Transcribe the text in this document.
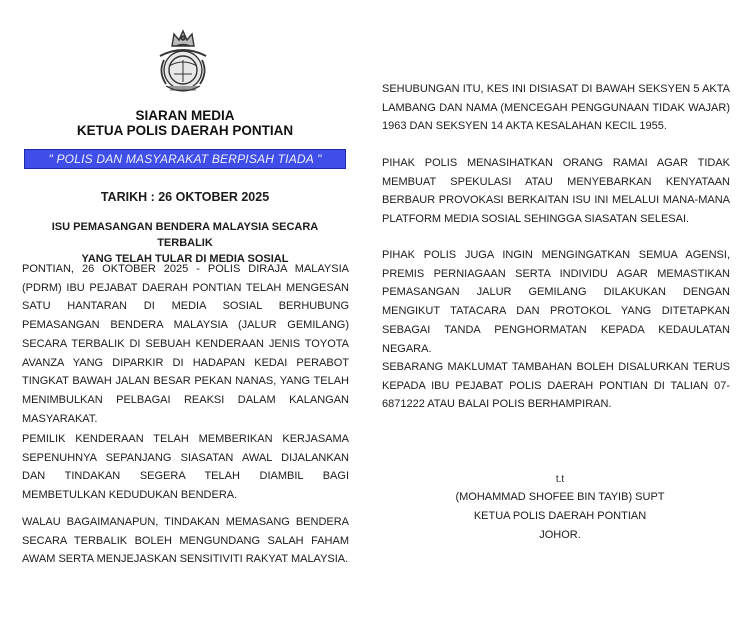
SIARAN MEDIA
KETUA POLIS DAERAH PONTIAN
" POLIS DAN MASYARAKAT BERPISAH TIADA "
TARIKH : 26 OKTOBER 2025
ISU PEMASANGAN BENDERA MALAYSIA SECARA TERBALIK
YANG TELAH TULAR DI MEDIA SOSIAL
PONTIAN, 26 OKTOBER 2025 - POLIS DIRAJA MALAYSIA (PDRM) IBU PEJABAT DAERAH PONTIAN TELAH MENGESAN SATU HANTARAN DI MEDIA SOSIAL BERHUBUNG PEMASANGAN BENDERA MALAYSIA (JALUR GEMILANG) SECARA TERBALIK DI SEBUAH KENDERAAN JENIS TOYOTA AVANZA YANG DIPARKIR DI HADAPAN KEDAI PERABOT TINGKAT BAWAH JALAN BESAR PEKAN NANAS, YANG TELAH MENIMBULKAN PELBAGAI REAKSI DALAM KALANGAN MASYARAKAT.
PEMILIK KENDERAAN TELAH MEMBERIKAN KERJASAMA SEPENUHNYA SEPANJANG SIASATAN AWAL DIJALANKAN DAN TINDAKAN SEGERA TELAH DIAMBIL BAGI MEMBETULKAN KEDUDUKAN BENDERA.
WALAU BAGAIMANAPUN, TINDAKAN MEMASANG BENDERA SECARA TERBALIK BOLEH MENGUNDANG SALAH FAHAM AWAM SERTA MENJEJASKAN SENSITIVITI RAKYAT MALAYSIA.
SEHUBUNGAN ITU, KES INI DISIASAT DI BAWAH SEKSYEN 5 AKTA LAMBANG DAN NAMA (MENCEGAH PENGGUNAAN TIDAK WAJAR) 1963 DAN SEKSYEN 14 AKTA KESALAHAN KECIL 1955.
PIHAK POLIS MENASIHATKAN ORANG RAMAI AGAR TIDAK MEMBUAT SPEKULASI ATAU MENYEBARKAN KENYATAAN BERBAUR PROVOKASI BERKAITAN ISU INI MELALUI MANA-MANA PLATFORM MEDIA SOSIAL SEHINGGA SIASATAN SELESAI.
PIHAK POLIS JUGA INGIN MENGINGATKAN SEMUA AGENSI, PREMIS PERNIAGAAN SERTA INDIVIDU AGAR MEMASTIKAN PEMASANGAN JALUR GEMILANG DILAKUKAN DENGAN MENGIKUT TATACARA DAN PROTOKOL YANG DITETAPKAN SEBAGAI TANDA PENGHORMATAN KEPADA KEDAULATAN NEGARA.
SEBARANG MAKLUMAT TAMBAHAN BOLEH DISALURKAN TERUS KEPADA IBU PEJABAT POLIS DAERAH PONTIAN DI TALIAN 07-6871222 ATAU BALAI POLIS BERHAMPIRAN.
t.t
(MOHAMMAD SHOFEE BIN TAYIB) SUPT
KETUA POLIS DAERAH PONTIAN
JOHOR.
